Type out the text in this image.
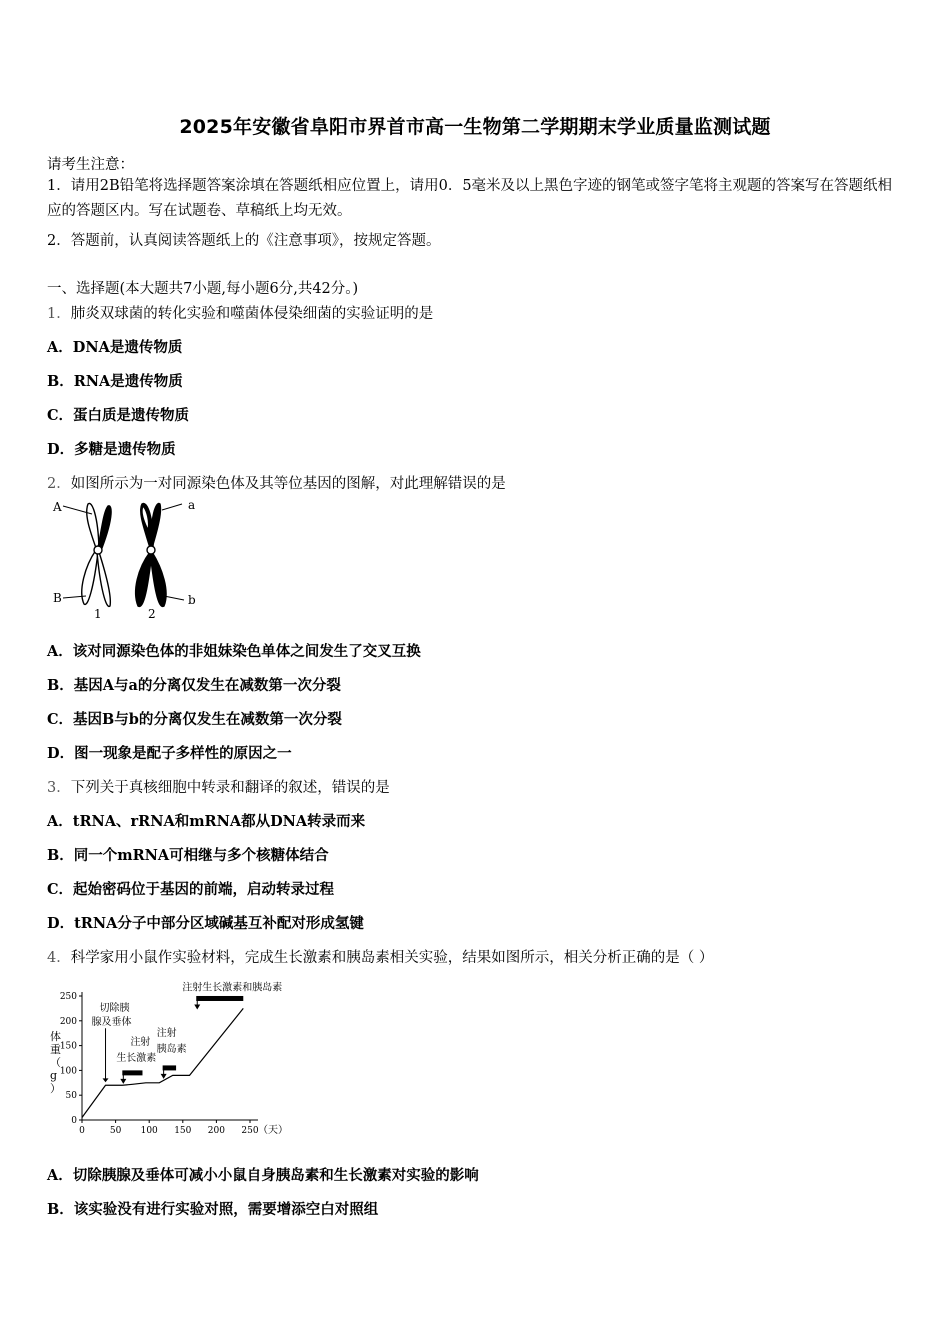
2025年安徽省阜阳市界首市高一生物第二学期期末学业质量监测试题
请考生注意：
1．请用2B铅笔将选择题答案涂填在答题纸相应位置上，请用0．5毫米及以上黑色字迹的钢笔或签字笔将主观题的答案写在答题纸相应的答题区内。写在试题卷、草稿纸上均无效。
2．答题前，认真阅读答题纸上的《注意事项》，按规定答题。
一、选择题(本大题共7小题,每小题6分,共42分。)
1．肺炎双球菌的转化实验和噬菌体侵染细菌的实验证明的是
A．DNA是遗传物质
B．RNA是遗传物质
C．蛋白质是遗传物质
D．多糖是遗传物质
2．如图所示为一对同源染色体及其等位基因的图解，对此理解错误的是
A
B
a
b
1	2
A．该对同源染色体的非姐妹染色单体之间发生了交叉互换
B．基因A与a的分离仅发生在减数第一次分裂
C．基因B与b的分离仅发生在减数第一次分裂
D．图一现象是配子多样性的原因之一
3．下列关于真核细胞中转录和翻译的叙述，错误的是
A．tRNA、rRNA和mRNA都从DNA转录而来
B．同一个mRNA可相继与多个核糖体结合
C．起始密码位于基因的前端，启动转录过程
D．tRNA分子中部分区域碱基互补配对形成氢键
4．科学家用小鼠作实验材料，完成生长激素和胰岛素相关实验，结果如图所示，相关分析正确的是（ ）
0	50 100 150 200 250
0
50
100
150
200
250
切除胰
腺及垂体
注射
生长激素
注射
胰岛素
注射生长激素和胰岛素
体重（ g ）
（天）
A．切除胰腺及垂体可减小小鼠自身胰岛素和生长激素对实验的影响
B．该实验没有进行实验对照，需要增添空白对照组
